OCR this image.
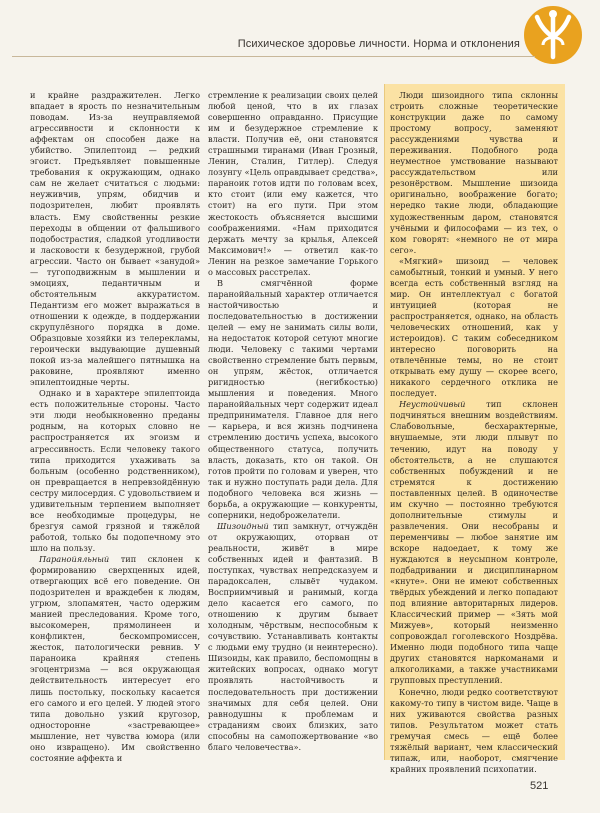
Психическое здоровье личности. Норма и отклонения

и крайне раздражителен. Легко впадает в ярость по незначительным поводам. Из-за неуправляемой агрессивности и склонности к аффектам он способен даже на убийство. Эпилептоид — редкий эгоист. Предъявляет повышенные требования к окружающим, однако сам не желает считаться с людьми: неуживчив, упрям, обидчив и подозрителен, любит проявлять власть. Ему свойственны резкие переходы в общении от фальшивого подобострастия, сладкой угодливости и ласковости к безудержной, грубой агрессии. Часто он бывает «занудой» — тугоподвижным в мышлении и эмоциях, педантичным и обстоятельным аккуратистом. Педантизм его может выражаться в отношении к одежде, в поддержании скрупулёзного порядка в доме. Образцовые хозяйки из телерекламы, героически выдувающие душевный покой из-за малейшего пятнышка на раковине, проявляют именно эпилептоидные черты.

Однако и в характере эпилептоида есть положительные стороны. Часто эти люди необыкновенно преданы родным, на которых словно не распространяется их эгоизм и агрессивность. Если человеку такого типа приходится ухаживать за больным (особенно родственником), он превращается в непревзойдённую сестру милосердия. С удовольствием и удивительным терпением выполняет все необходимые процедуры, не брезгуя самой грязной и тяжёлой работой, только бы подопечному это шло на пользу.

Паранойяльный тип склонен к формированию сверхценных идей, отвергающих всё его поведение. Он подозрителен и враждебен к людям, угрюм, злопамятен, часто одержим манией преследования. Кроме того, высокомерен, прямолинеен и конфликтен, бескомпромиссен, жесток, патологически ревнив. У параноика крайняя степень эгоцентризма — вся окружающая действительность интересует его лишь постольку, поскольку касается его самого и его целей. У людей этого типа довольно узкий кругозор, односторонне «застревающее» мышление, нет чувства юмора (или оно извращено). Им свойственно состояние аффекта и

стремление к реализации своих целей любой ценой, что в их глазах совершенно оправданно. Присущие им и безудержное стремление к власти. Получив её, они становятся страшными тиранами (Иван Грозный, Ленин, Сталин, Гитлер). Следуя лозунгу «Цель оправдывает средства», параноик готов идти по головам всех, кто стоит (или ему кажется, что стоит) на его пути. При этом жестокость объясняется высшими соображениями. «Нам приходится держать мечту за крылья, Алексей Максимович!» — ответил как-то Ленин на резкое замечание Горького о массовых расстрелах.

В смягчённой форме параноййальный характер отличается настойчивостью и последовательностью в достижении целей — ему не занимать силы воли, на недостаток которой сетуют многие люди. Человеку с такими чертами свойственно стремление быть первым, он упрям, жёсток, отличается ригидностью (негибкостью) мышления и поведения. Много параноййальных черт содержит идеал предпринимателя. Главное для него — карьера, и вся жизнь подчинена стремлению достичь успеха, высокого общественного статуса, получить власть, доказать, кто он такой. Он готов пройти по головам и уверен, что так и нужно поступать ради дела. Для подобного человека вся жизнь — борьба, а окружающие — конкуренты, соперники, недоброжелатели.

Шизоидный тип замкнут, отчуждён от окружающих, оторван от реальности, живёт в мире собственных идей и фантазий. В поступках, чувствах непредсказуем и парадоксален, слывёт чудаком. Восприимчивый и ранимый, когда дело касается его самого, по отношению к другим бывает холодным, чёрствым, неспособным к сочувствию. Устанавливать контакты с людьми ему трудно (и неинтересно). Шизоиды, как правило, беспомощны в житейских вопросах, однако могут проявлять настойчивость и последовательность при достижении значимых для себя целей. Они равнодушны к проблемам и страданиям своих близких, зато способны на самопожертвование «во благо человечества».

Люди шизоидного типа склонны строить сложные теоретические конструкции даже по самому простому вопросу, заменяют рассуждениями чувства и переживания. Подобного рода неуместное умствование называют рассуждательством или резонёрством. Мышление шизоида оригинально, воображение богато; нередко такие люди, обладающие художественным даром, становятся учёными и философами — из тех, о ком говорят: «немного не от мира сего».

«Мягкий» шизоид — человек самобытный, тонкий и умный. У него всегда есть собственный взгляд на мир. Он интеллектуал с богатой интуицией (которая не распространяется, однако, на область человеческих отношений, как у истероидов). С таким собеседником интересно поговорить на отвлечённые темы, но не стоит открывать ему душу — скорее всего, никакого сердечного отклика не последует.

Неустойчивый тип склонен подчиняться внешним воздействиям. Слабовольные, бесхарактерные, внушаемые, эти люди плывут по течению, идут на поводу у обстоятельств, а не слушаются собственных побуждений и не стремятся к достижению поставленных целей. В одиночестве им скучно — постоянно требуются дополнительные стимулы и развлечения. Они несобраны и переменчивы — любое занятие им вскоре надоедает, к тому же нуждаются в неусыпном контроле, подбадривании и дисциплинарном «кнуте». Они не имеют собственных твёрдых убеждений и легко попадают под влияние авторитарных лидеров. Классический пример — «Зять мой Мижуев», который неизменно сопровождал гоголевского Ноздрёва. Именно люди подобного типа чаще других становятся наркоманами и алкоголиками, а также участниками групповых преступлений.

Конечно, люди редко соответствуют какому-то типу в чистом виде. Чаще в них уживаются свойства разных типов. Результатом может стать гремучая смесь — ещё более тяжёлый вариант, чем классический типаж, или, наоборот, смягчение крайних проявлений психопатии.

521
